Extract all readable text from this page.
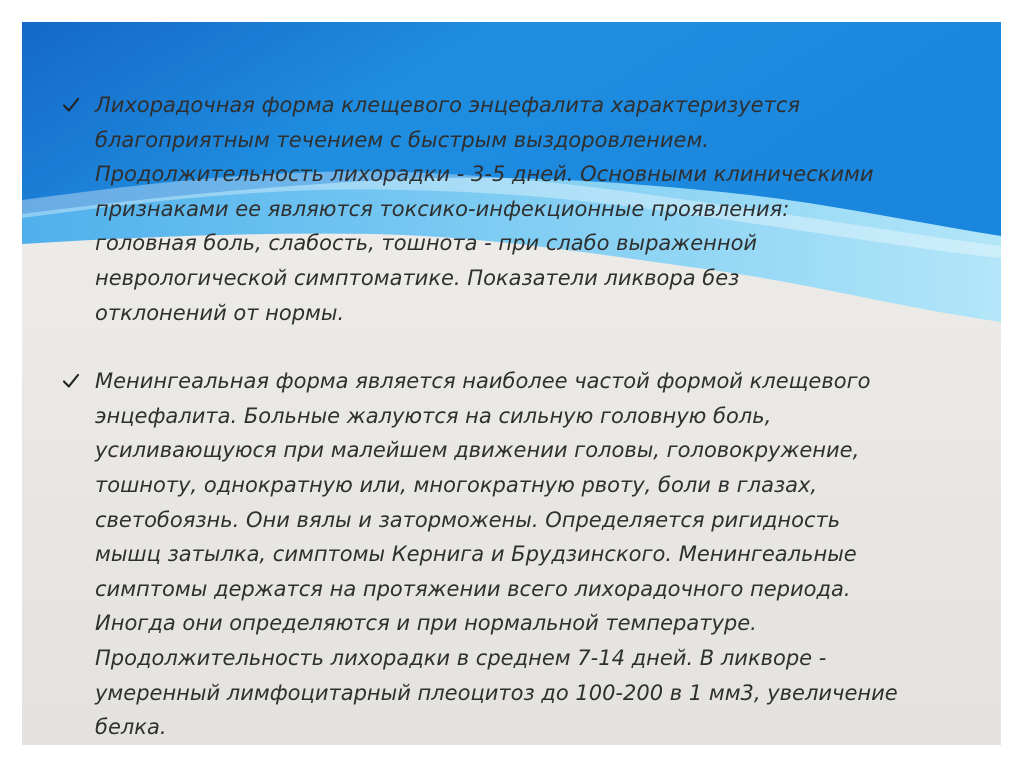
Лихорадочная форма клещевого энцефалита характеризуется
благоприятным течением с быстрым выздоровлением.
Продолжительность лихорадки - 3-5 дней. Основными клиническими
признаками ее являются токсико-инфекционные проявления:
головная боль, слабость, тошнота - при слабо выраженной
неврологической симптоматике. Показатели ликвора без
отклонений от нормы.
Менингеальная форма является наиболее частой формой клещевого
энцефалита. Больные жалуются на сильную головную боль,
усиливающуюся при малейшем движении головы, головокружение,
тошноту, однократную или, многократную рвоту, боли в глазах,
светобоязнь. Они вялы и заторможены. Определяется ригидность
мышц затылка, симптомы Кернига и Брудзинского. Менингеальные
симптомы держатся на протяжении всего лихорадочного периода.
Иногда они определяются и при нормальной температуре.
Продолжительность лихорадки в среднем 7-14 дней. В ликворе -
умеренный лимфоцитарный плеоцитоз до 100-200 в 1 мм3, увеличение
белка.
